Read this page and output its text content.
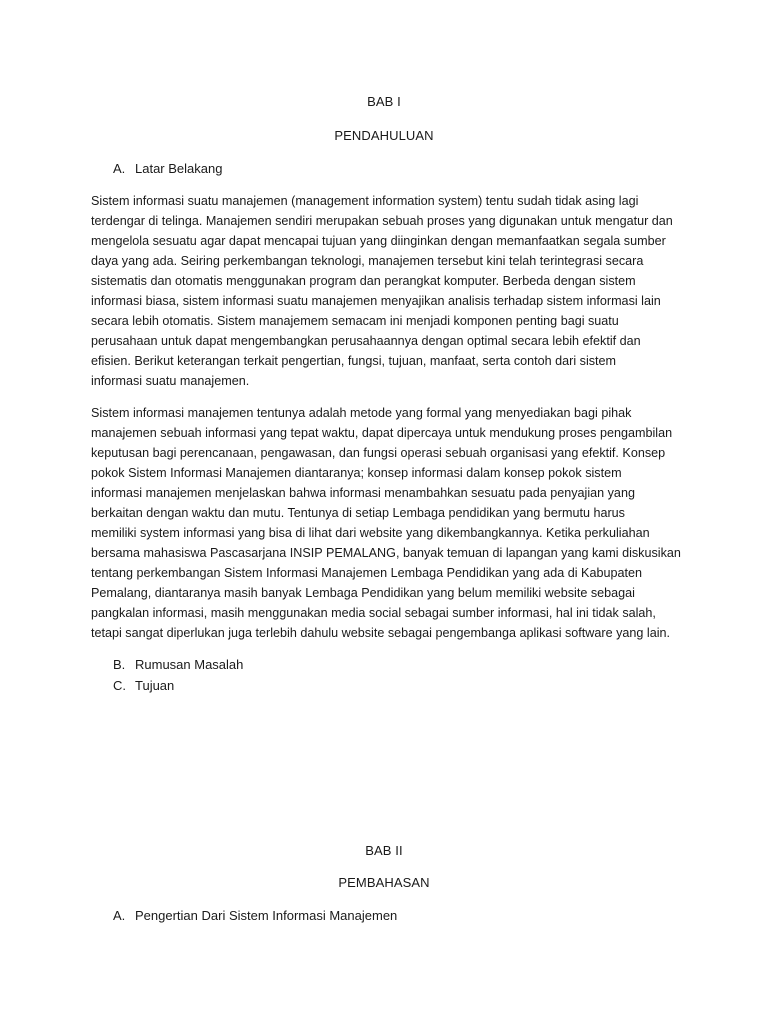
BAB I
PENDAHULUAN
A. Latar Belakang
Sistem informasi suatu manajemen (management information system) tentu sudah tidak asing lagi
terdengar di telinga. Manajemen sendiri merupakan sebuah proses yang digunakan untuk mengatur dan
mengelola sesuatu agar dapat mencapai tujuan yang diinginkan dengan memanfaatkan segala sumber
daya yang ada. Seiring perkembangan teknologi, manajemen tersebut kini telah terintegrasi secara
sistematis dan otomatis menggunakan program dan perangkat komputer. Berbeda dengan sistem
informasi biasa, sistem informasi suatu manajemen menyajikan analisis terhadap sistem informasi lain
secara lebih otomatis. Sistem manajemem semacam ini menjadi komponen penting bagi suatu
perusahaan untuk dapat mengembangkan perusahaannya dengan optimal secara lebih efektif dan
efisien. Berikut keterangan terkait pengertian, fungsi, tujuan, manfaat, serta contoh dari sistem
informasi suatu manajemen.
Sistem informasi manajemen tentunya adalah metode yang formal yang menyediakan bagi pihak
manajemen sebuah informasi yang tepat waktu, dapat dipercaya untuk mendukung proses pengambilan
keputusan bagi perencanaan, pengawasan, dan fungsi operasi sebuah organisasi yang efektif. Konsep
pokok Sistem Informasi Manajemen diantaranya; konsep informasi dalam konsep pokok sistem
informasi manajemen menjelaskan bahwa informasi menambahkan sesuatu pada penyajian yang
berkaitan dengan waktu dan mutu. Tentunya di setiap Lembaga pendidikan yang bermutu harus
memiliki system informasi yang bisa di lihat dari website yang dikembangkannya. Ketika perkuliahan
bersama mahasiswa Pascasarjana INSIP PEMALANG, banyak temuan di lapangan yang kami diskusikan
tentang perkembangan Sistem Informasi Manajemen Lembaga Pendidikan yang ada di Kabupaten
Pemalang, diantaranya masih banyak Lembaga Pendidikan yang belum memiliki website sebagai
pangkalan informasi, masih menggunakan media social sebagai sumber informasi, hal ini tidak salah,
tetapi sangat diperlukan juga terlebih dahulu website sebagai pengembanga aplikasi software yang lain.
B. Rumusan Masalah
C. Tujuan
BAB II
PEMBAHASAN
A. Pengertian Dari Sistem Informasi Manajemen
